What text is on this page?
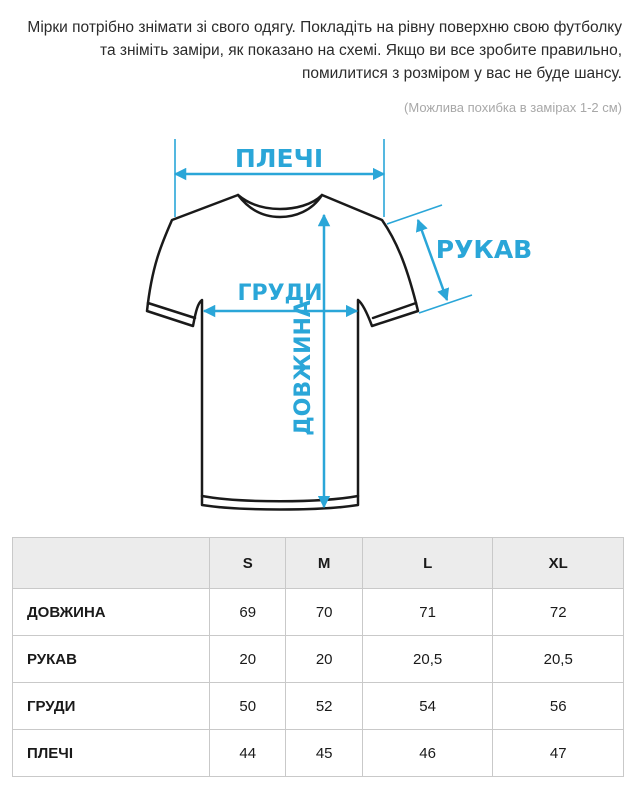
Мірки потрібно знімати зі свого одягу. Покладіть на рівну поверхню свою футболку та зніміть заміри, як показано на схемі. Якщо ви все зробите правильно, помилитися з розміром у вас не буде шансу.

(Можлива похибка в замірах 1-2 см)

ПЛЕЧІ
ГРУДИ
РУКАВ
ДОВЖИНА
	S	M	L	XL
ДОВЖИНА	69	70	71	72
РУКАВ	20	20	20,5	20,5
ГРУДИ	50	52	54	56
ПЛЕЧІ	44	45	46	47
